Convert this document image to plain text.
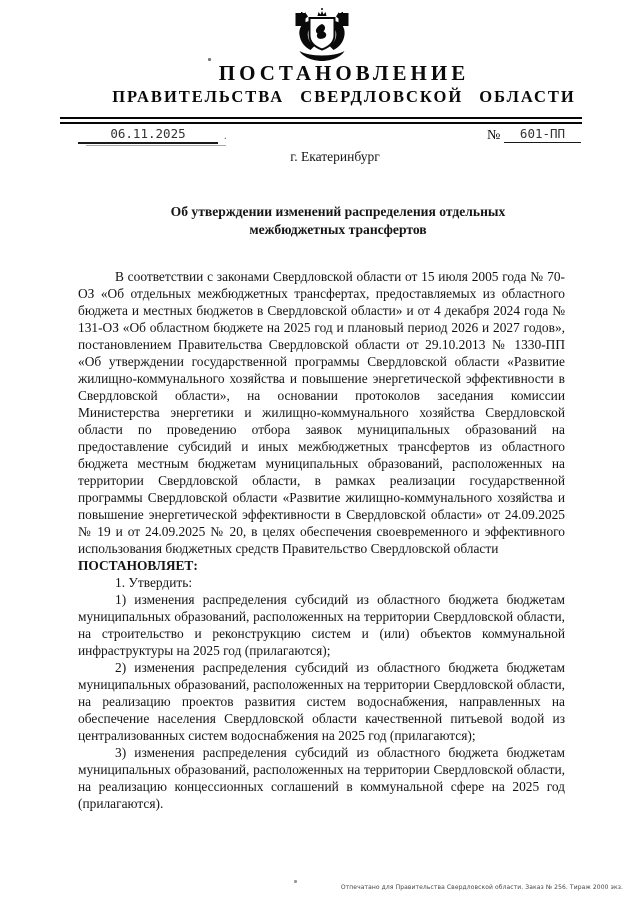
ПОСТАНОВЛЕНИЕ
ПРАВИТЕЛЬСТВА СВЕРДЛОВСКОЙ ОБЛАСТИ
06.11.2025	.	№	601-ПП
г. Екатеринбург
Об утверждении изменений распределения отдельных межбюджетных трансфертов

В соответствии с законами Свердловской области от 15 июля 2005 года № 70-ОЗ «Об отдельных межбюджетных трансфертах, предоставляемых из областного бюджета и местных бюджетов в Свердловской области» и от 4 декабря 2024 года № 131-ОЗ «Об областном бюджете на 2025 год и плановый период 2026 и 2027 годов», постановлением Правительства Свердловской области от 29.10.2013 № 1330-ПП «Об утверждении государственной программы Свердловской области «Развитие жилищно-коммунального хозяйства и повышение энергетической эффективности в Свердловской области», на основании протоколов заседания комиссии Министерства энергетики и жилищно-коммунального хозяйства Свердловской области по проведению отбора заявок муниципальных образований на предоставление субсидий и иных межбюджетных трансфертов из областного бюджета местным бюджетам муниципальных образований, расположенных на территории Свердловской области, в рамках реализации государственной программы Свердловской области «Развитие жилищно-коммунального хозяйства и повышение энергетической эффективности в Свердловской области» от 24.09.2025 № 19 и от 24.09.2025 № 20, в целях обеспечения своевременного и эффективного использования бюджетных средств Правительство Свердловской области

ПОСТАНОВЛЯЕТ:

1. Утвердить:

1) изменения распределения субсидий из областного бюджета бюджетам муниципальных образований, расположенных на территории Свердловской области, на строительство и реконструкцию систем и (или) объектов коммунальной инфраструктуры на 2025 год (прилагаются);

2) изменения распределения субсидий из областного бюджета бюджетам муниципальных образований, расположенных на территории Свердловской области, на реализацию проектов развития систем водоснабжения, направленных на обеспечение населения Свердловской области качественной питьевой водой из централизованных систем водоснабжения на 2025 год (прилагаются);

3) изменения распределения субсидий из областного бюджета бюджетам муниципальных образований, расположенных на территории Свердловской области, на реализацию концессионных соглашений в коммунальной сфере на 2025 год (прилагаются).

Отпечатано для Правительства Свердловской области. Заказ № 256. Тираж 2000 экз.
